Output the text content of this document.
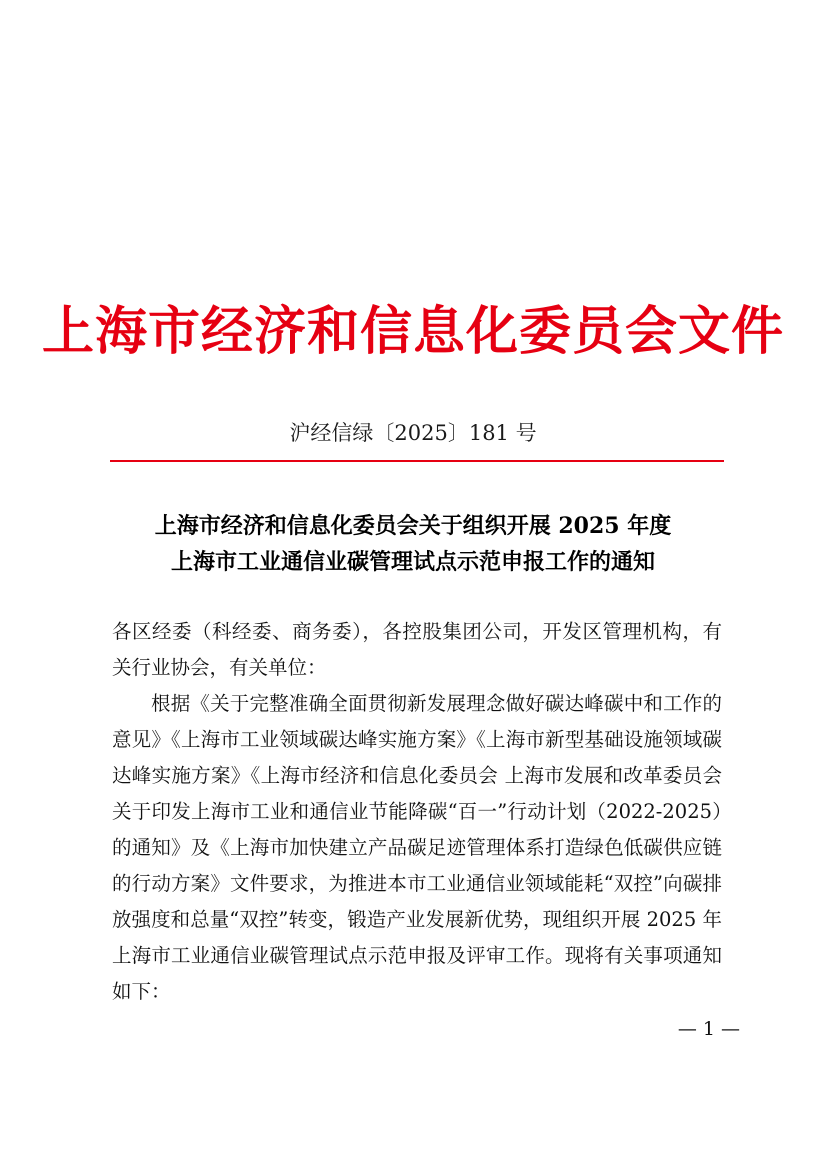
上海市经济和信息化委员会文件
沪经信绿〔2025〕181 号
上海市经济和信息化委员会关于组织开展 2025 年度
上海市工业通信业碳管理试点示范申报工作的通知

各区经委（科经委、商务委），各控股集团公司，开发区管理机构，有关行业协会，有关单位：

根据《关于完整准确全面贯彻新发展理念做好碳达峰碳中和工作的意见》《上海市工业领域碳达峰实施方案》《上海市新型基础设施领域碳达峰实施方案》《上海市经济和信息化委员会 上海市发展和改革委员会 关于印发上海市工业和通信业节能降碳“百一”行动计划（2022-2025）的通知》及《上海市加快建立产品碳足迹管理体系打造绿色低碳供应链的行动方案》文件要求，为推进本市工业通信业领域能耗“双控”向碳排放强度和总量“双控”转变，锻造产业发展新优势，现组织开展 2025 年上海市工业通信业碳管理试点示范申报及评审工作。现将有关事项通知如下：

— 1 —
